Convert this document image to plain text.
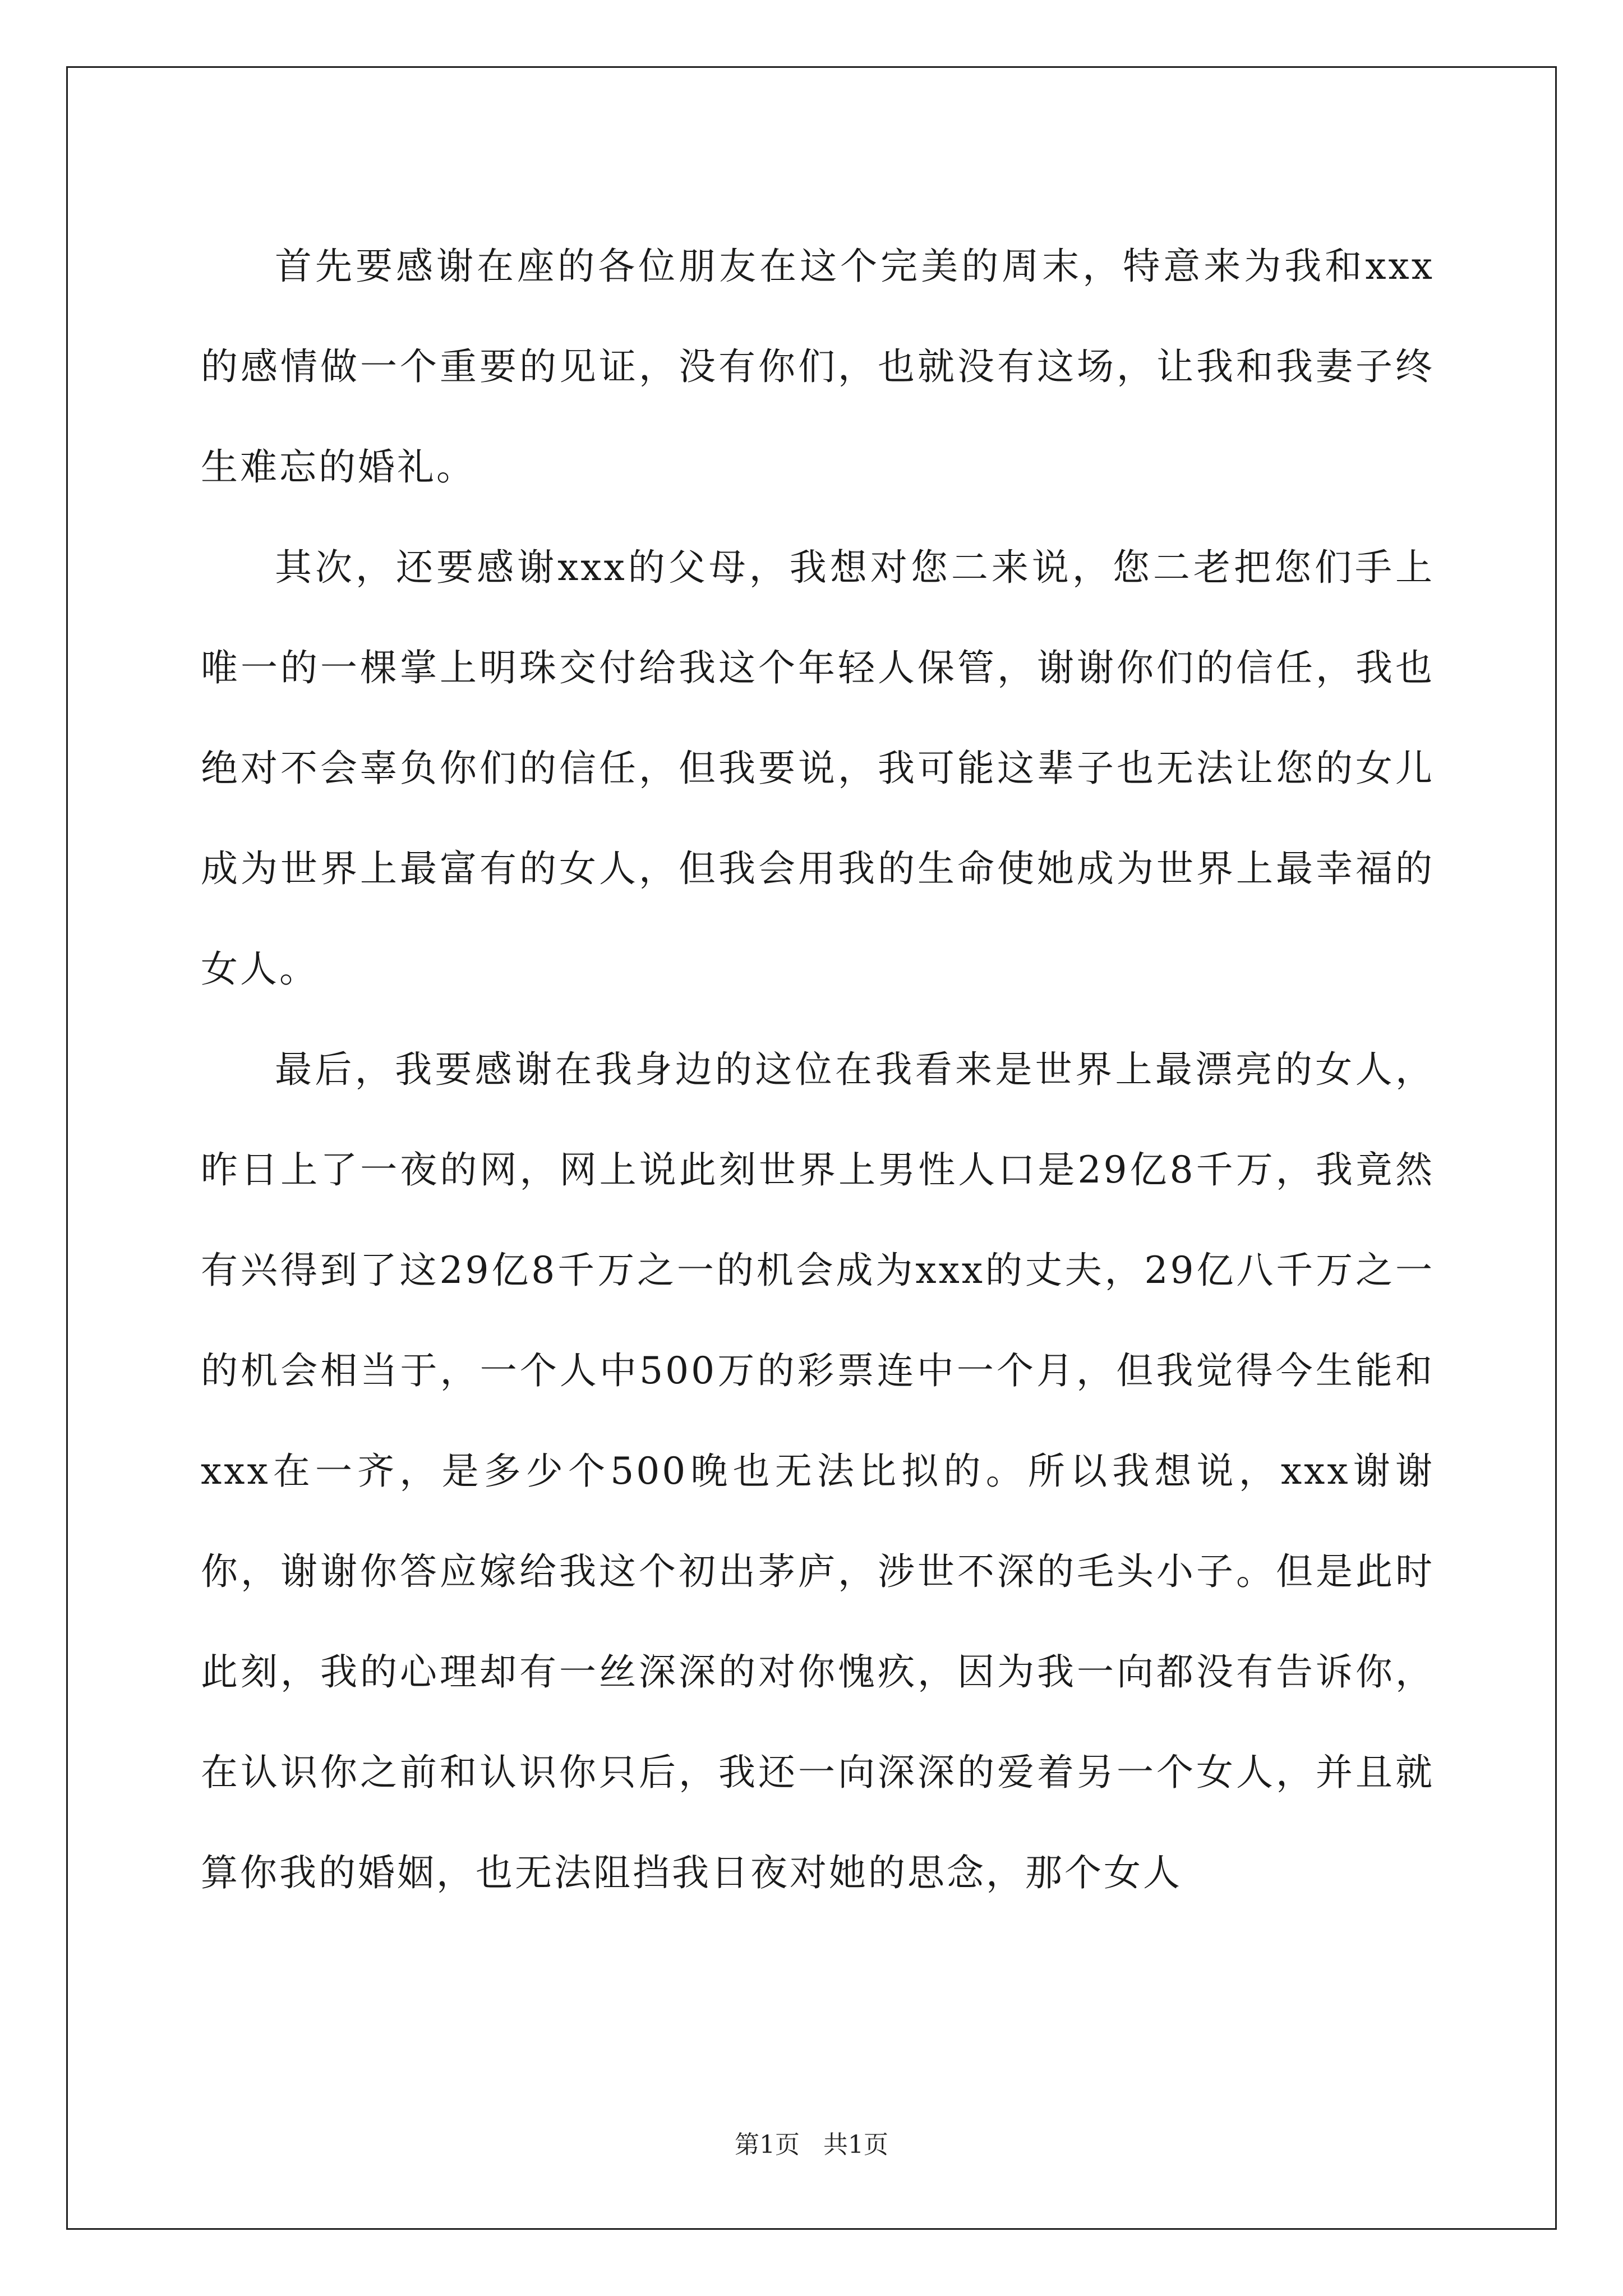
首先要感谢在座的各位朋友在这个完美的周末，特意来为我和xxx的感情做一个重要的见证，没有你们，也就没有这场，让我和我妻子终生难忘的婚礼。

其次，还要感谢xxx的父母，我想对您二来说，您二老把您们手上唯一的一棵掌上明珠交付给我这个年轻人保管，谢谢你们的信任，我也绝对不会辜负你们的信任，但我要说，我可能这辈子也无法让您的女儿成为世界上最富有的女人，但我会用我的生命使她成为世界上最幸福的女人。

最后，我要感谢在我身边的这位在我看来是世界上最漂亮的女人，昨日上了一夜的网，网上说此刻世界上男性人口是29亿8千万，我竟然有兴得到了这29亿8千万之一的机会成为xxx的丈夫，29亿八千万之一的机会相当于，一个人中500万的彩票连中一个月，但我觉得今生能和xxx在一齐，是多少个500晚也无法比拟的。所以我想说，xxx谢谢你，谢谢你答应嫁给我这个初出茅庐，涉世不深的毛头小子。但是此时此刻，我的心理却有一丝深深的对你愧疚，因为我一向都没有告诉你，在认识你之前和认识你只后，我还一向深深的爱着另一个女人，并且就算你我的婚姻，也无法阻挡我日夜对她的思念，那个女人

第1页   共1页
